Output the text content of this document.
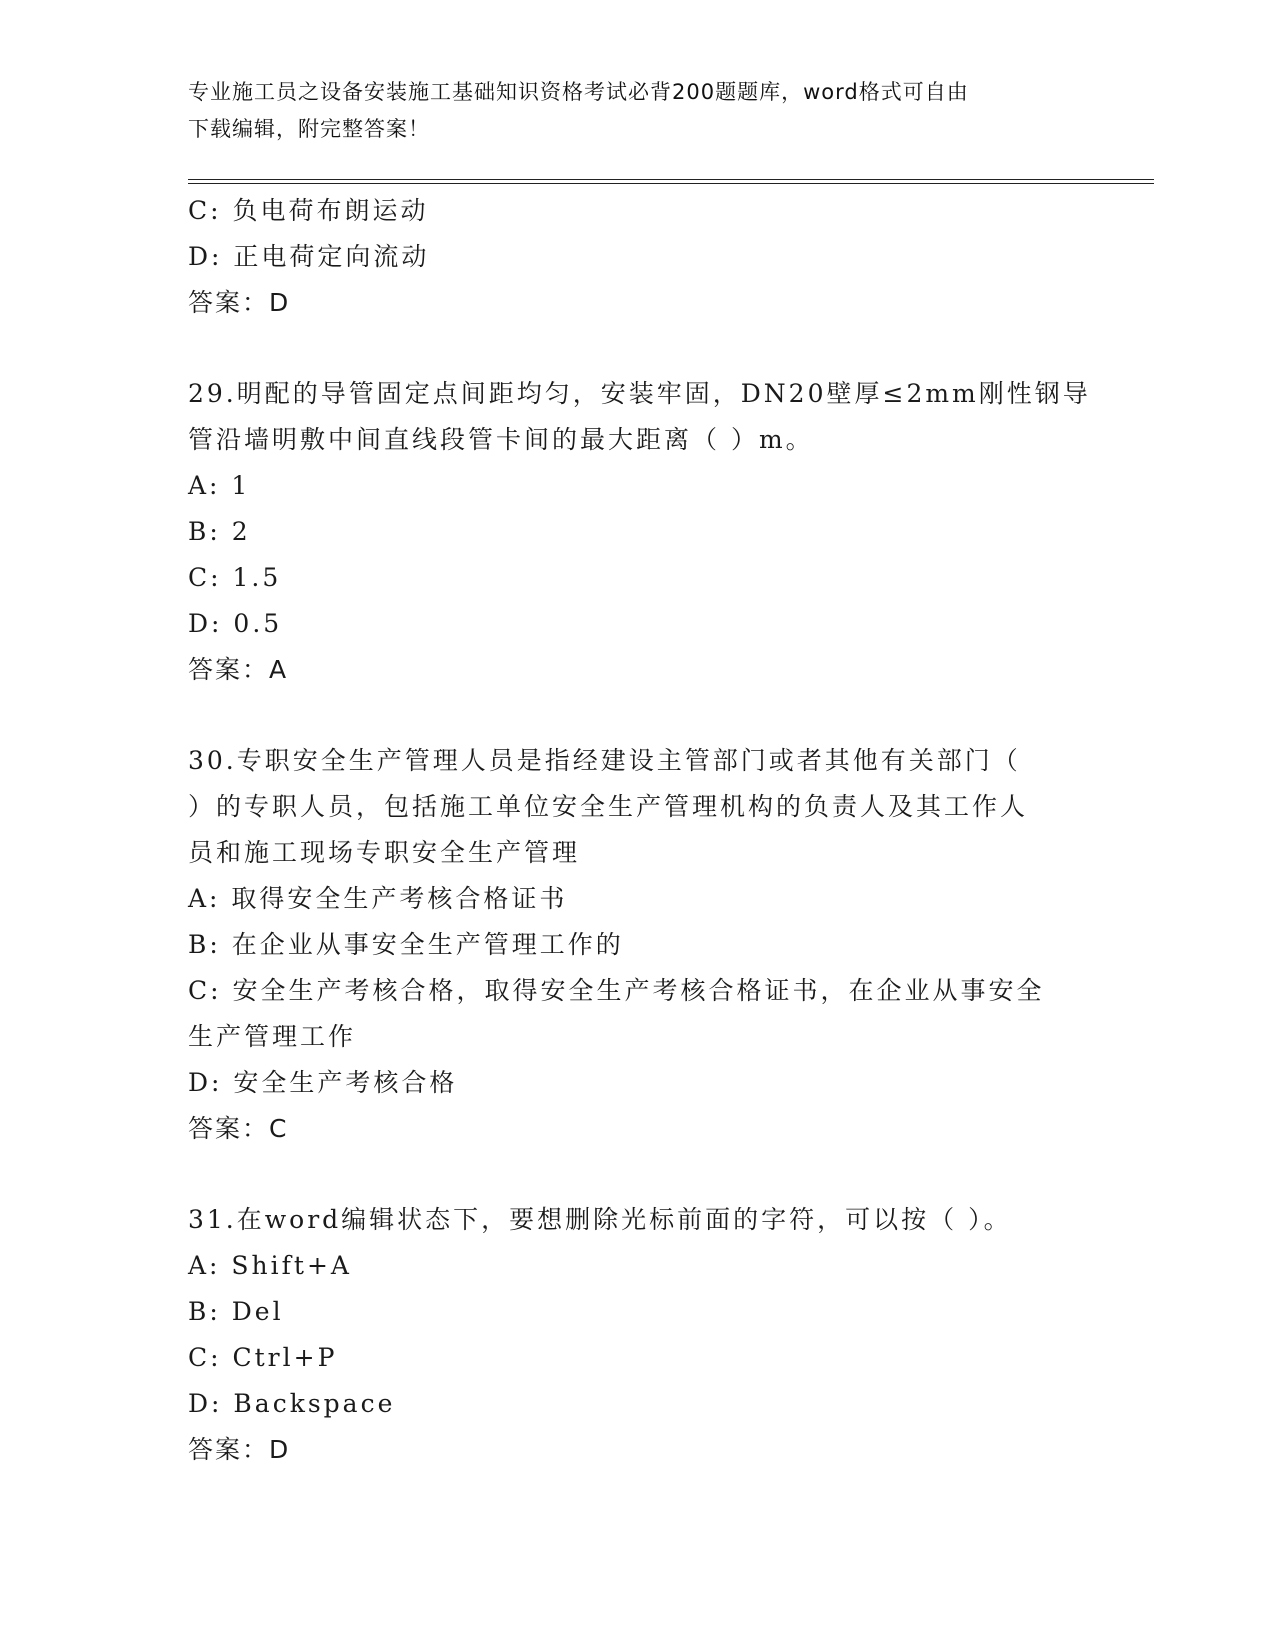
专业施工员之设备安装施工基础知识资格考试必背200题题库，word格式可自由
下载编辑，附完整答案！
C: 负电荷布朗运动
D: 正电荷定向流动
答案：D
29.明配的导管固定点间距均匀，安装牢固，DN20壁厚≤2mm刚性钢导
管沿墙明敷中间直线段管卡间的最大距离（ ）m。
A: 1
B: 2
C: 1.5
D: 0.5
答案：A
30.专职安全生产管理人员是指经建设主管部门或者其他有关部门（
）的专职人员，包括施工单位安全生产管理机构的负责人及其工作人
员和施工现场专职安全生产管理
A: 取得安全生产考核合格证书
B: 在企业从事安全生产管理工作的
C: 安全生产考核合格，取得安全生产考核合格证书，在企业从事安全
生产管理工作
D: 安全生产考核合格
答案：C
31.在word编辑状态下，要想删除光标前面的字符，可以按（ ）。
A: Shift+A
B: Del
C: Ctrl+P
D: Backspace
答案：D
